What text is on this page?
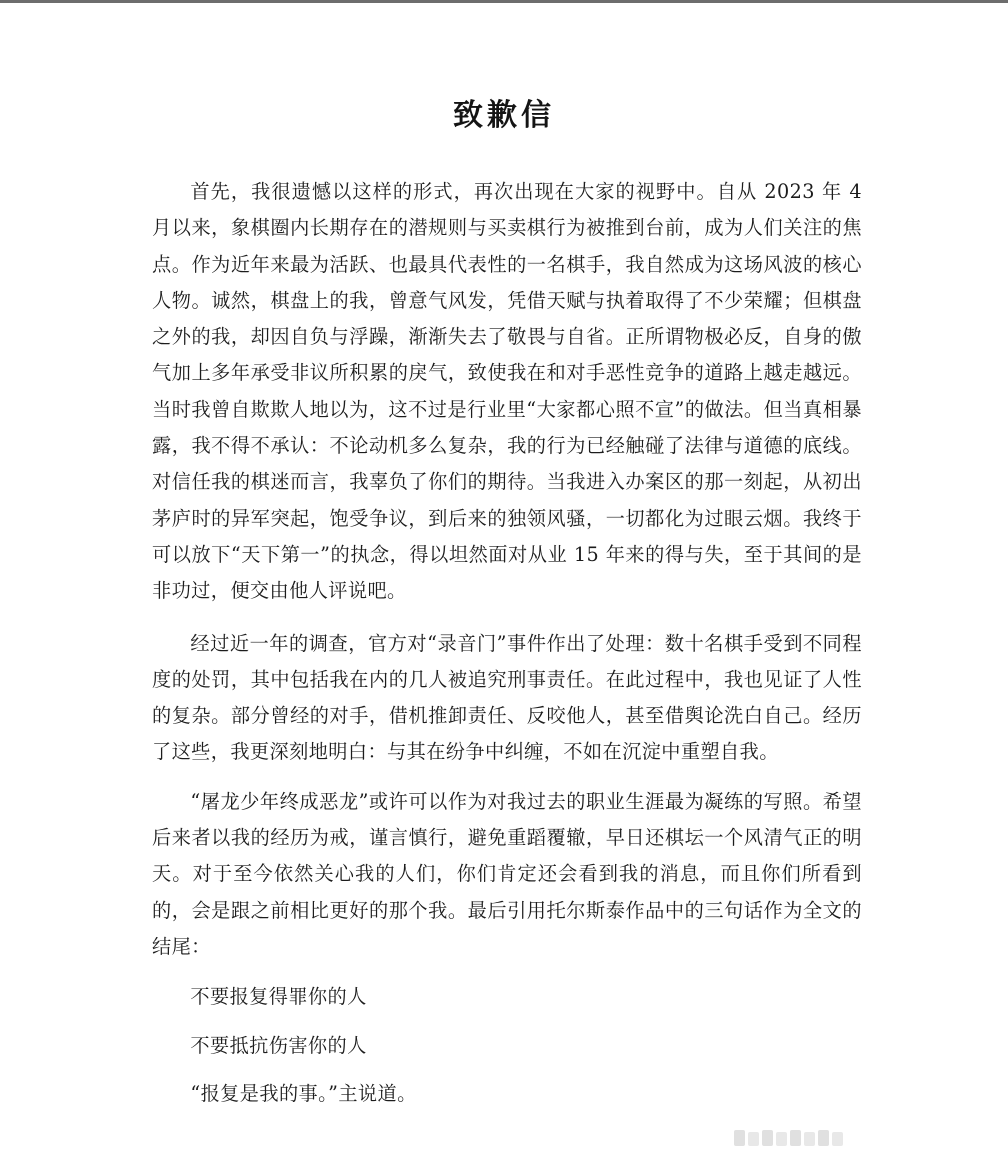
致歉信

首先，我很遗憾以这样的形式，再次出现在大家的视野中。自从 2023 年 4 月以来，象棋圈内长期存在的潜规则与买卖棋行为被推到台前，成为人们关注的焦点。作为近年来最为活跃、也最具代表性的一名棋手，我自然成为这场风波的核心人物。诚然，棋盘上的我，曾意气风发，凭借天赋与执着取得了不少荣耀；但棋盘之外的我，却因自负与浮躁，渐渐失去了敬畏与自省。正所谓物极必反，自身的傲气加上多年承受非议所积累的戾气，致使我在和对手恶性竞争的道路上越走越远。当时我曾自欺欺人地以为，这不过是行业里“大家都心照不宣”的做法。但当真相暴露，我不得不承认：不论动机多么复杂，我的行为已经触碰了法律与道德的底线。对信任我的棋迷而言，我辜负了你们的期待。当我进入办案区的那一刻起，从初出茅庐时的异军突起，饱受争议，到后来的独领风骚，一切都化为过眼云烟。我终于可以放下“天下第一”的执念，得以坦然面对从业 15 年来的得与失，至于其间的是非功过，便交由他人评说吧。

经过近一年的调查，官方对“录音门”事件作出了处理：数十名棋手受到不同程度的处罚，其中包括我在内的几人被追究刑事责任。在此过程中，我也见证了人性的复杂。部分曾经的对手，借机推卸责任、反咬他人，甚至借舆论洗白自己。经历了这些，我更深刻地明白：与其在纷争中纠缠，不如在沉淀中重塑自我。

“屠龙少年终成恶龙”或许可以作为对我过去的职业生涯最为凝练的写照。希望后来者以我的经历为戒，谨言慎行，避免重蹈覆辙，早日还棋坛一个风清气正的明天。对于至今依然关心我的人们，你们肯定还会看到我的消息，而且你们所看到的，会是跟之前相比更好的那个我。最后引用托尔斯泰作品中的三句话作为全文的结尾：

不要报复得罪你的人

不要抵抗伤害你的人

“报复是我的事。”主说道。
